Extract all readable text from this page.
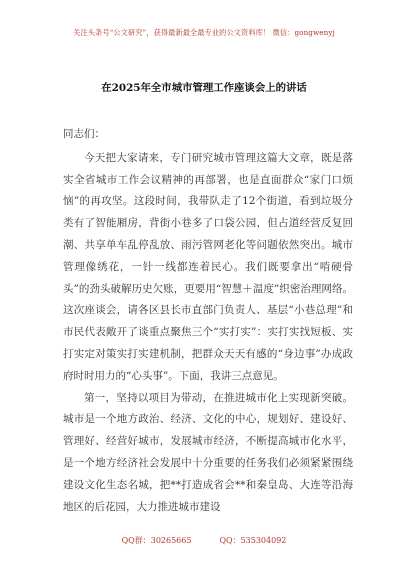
关注头条号“公文研究”，获得最新最全最专业的公文资料库！ 微信：gongwenyj
在2025年全市城市管理工作座谈会上的讲话

同志们：

今天把大家请来，专门研究城市管理这篇大文章，既是落实全省城市工作会议精神的再部署，也是直面群众“家门口烦恼”的再攻坚。这段时间，我带队走了12个街道，看到垃圾分类有了智能厢房，背街小巷多了口袋公园，但占道经营反复回潮、共享单车乱停乱放、雨污管网老化等问题依然突出。城市管理像绣花，一针一线都连着民心。我们既要拿出“啃硬骨头”的劲头破解历史欠账，更要用“智慧＋温度”织密治理网络。这次座谈会，请各区县长市直部门负责人、基层“小巷总理”和市民代表敞开了谈重点聚焦三个“实打实”：实打实找短板、实打实定对策实打实建机制，把群众天天有感的“身边事”办成政府时时用力的“心头事”。下面，我讲三点意见。

第一，坚持以项目为带动，在推进城市化上实现新突破。城市是一个地方政治、经济、文化的中心，规划好、建设好、管理好、经营好城市，发展城市经济，不断提高城市化水平，是一个地方经济社会发展中十分重要的任务我们必须紧紧围绕建设文化生态名城，把**打造成省会**和秦皇岛、大连等沿海地区的后花园，大力推进城市建设

QQ群：30265665	QQ：535304092
